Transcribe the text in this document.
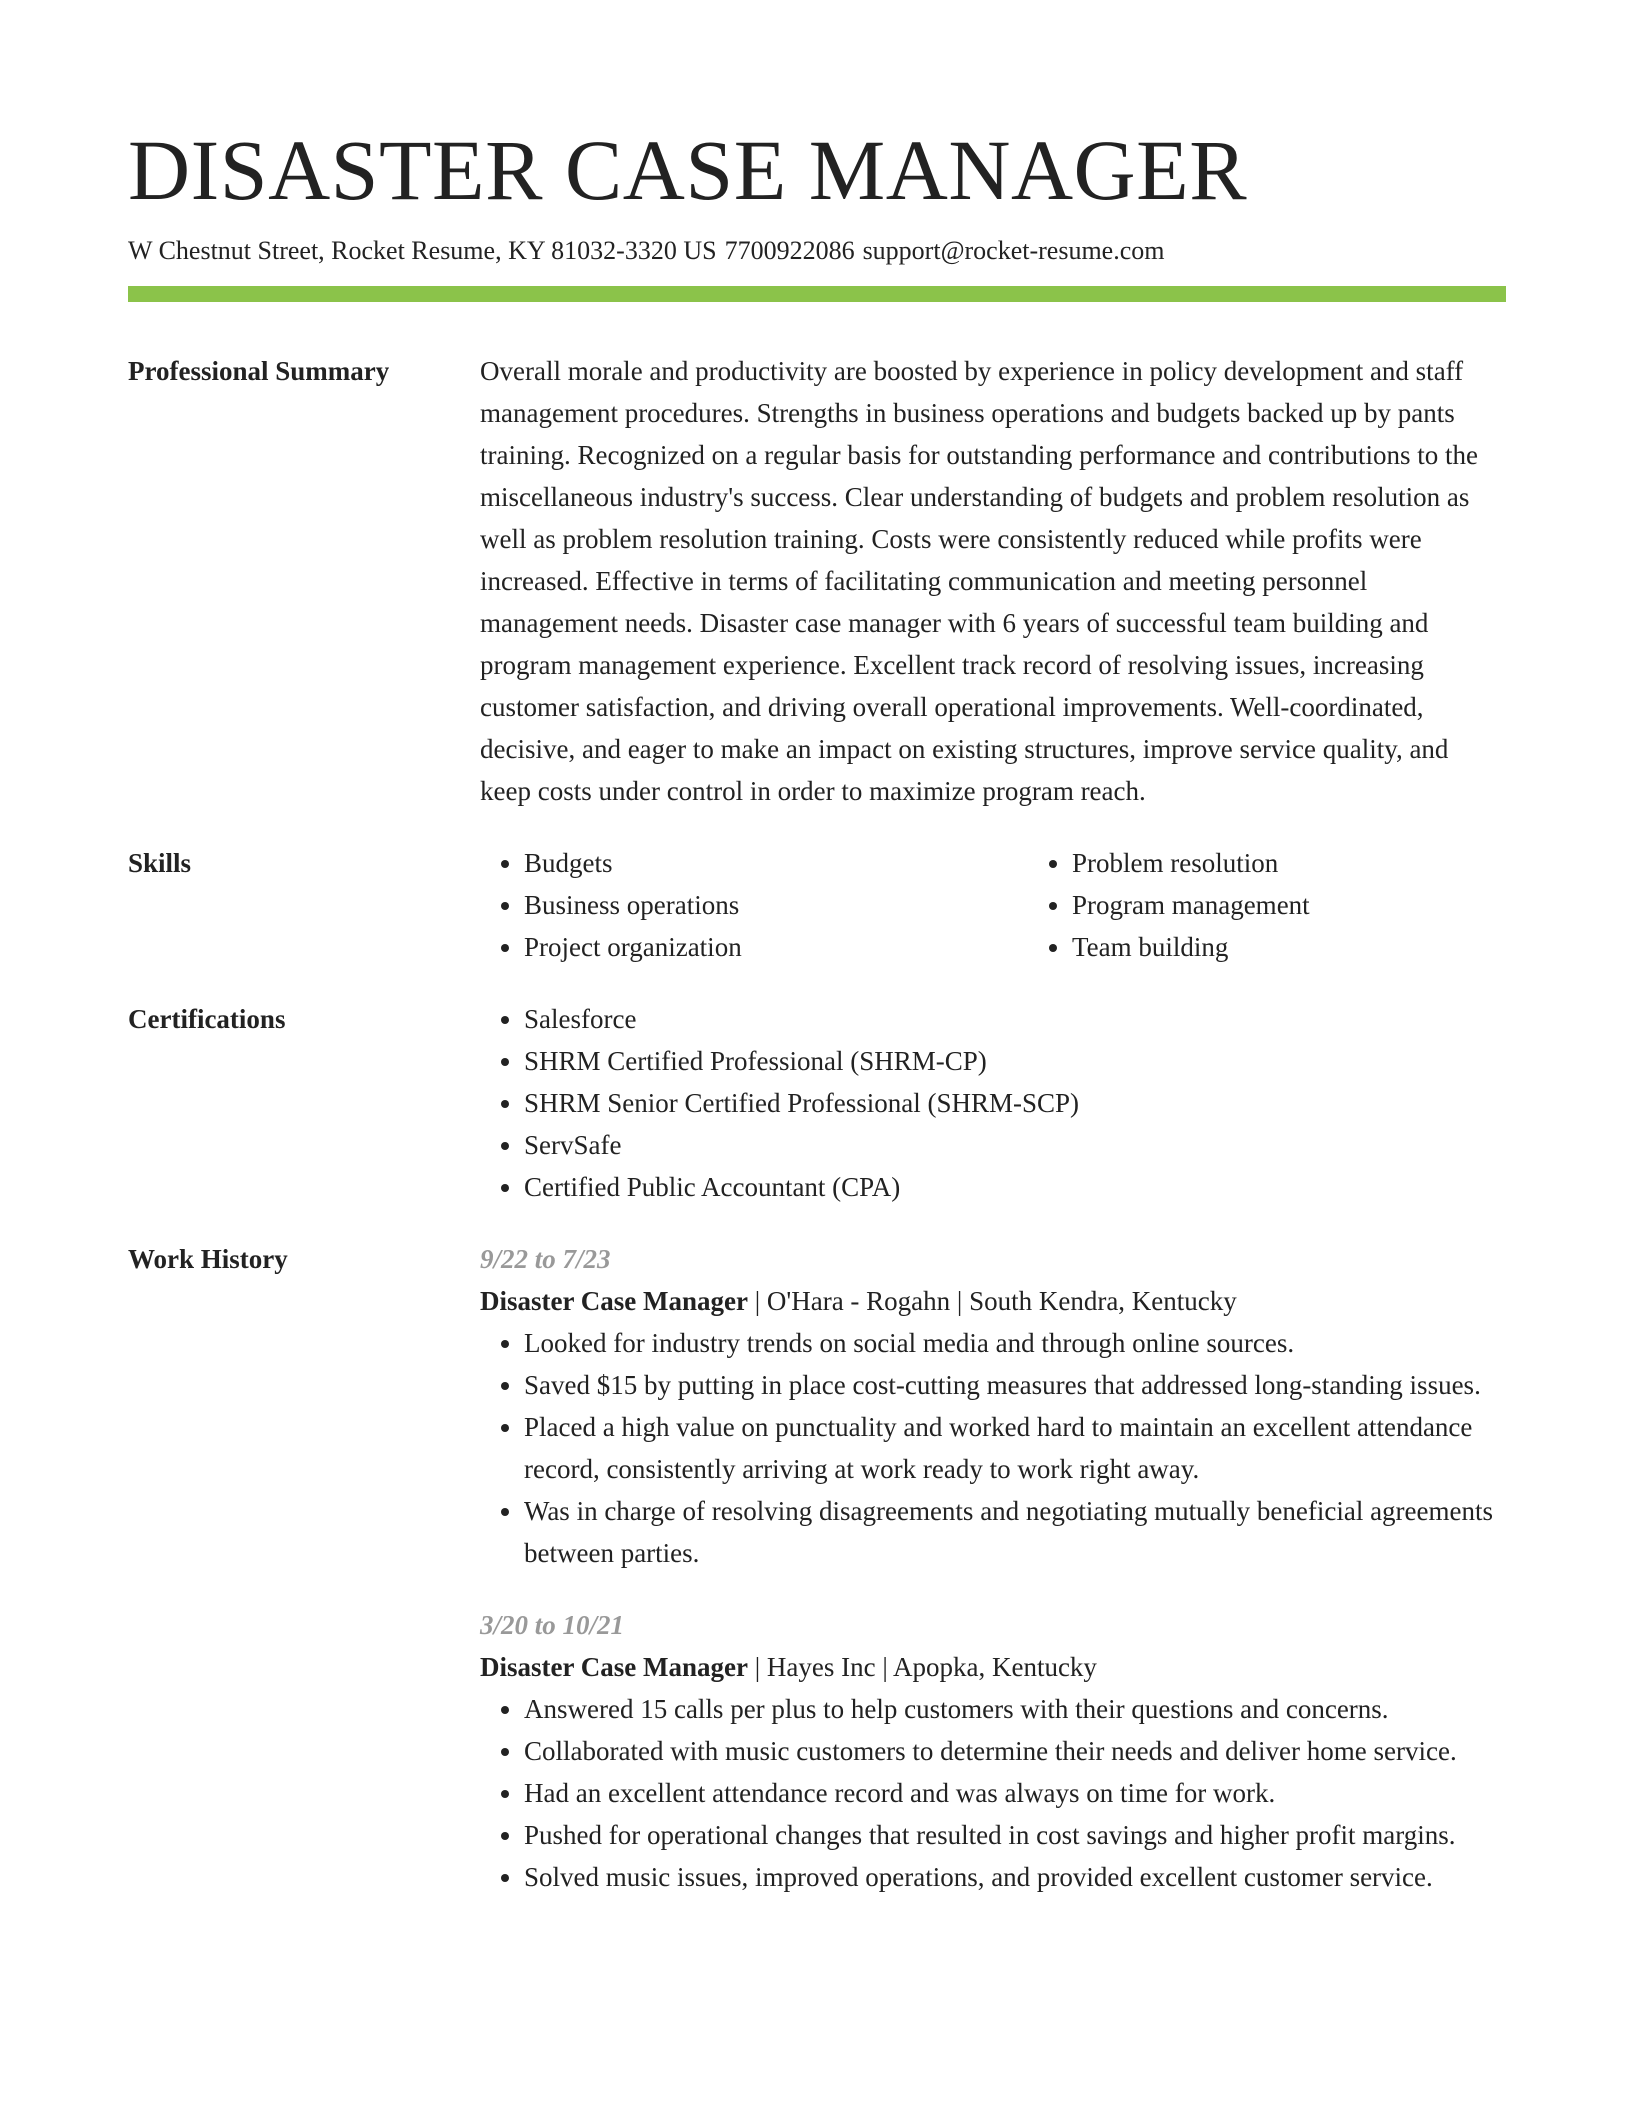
DISASTER CASE MANAGER
W Chestnut Street, Rocket Resume, KY 81032-3320 US 7700922086 support@rocket-resume.com
Professional Summary	Overall morale and productivity are boosted by experience in policy development and staff management procedures. Strengths in business operations and budgets backed up by pants training. Recognized on a regular basis for outstanding performance and contributions to the miscellaneous industry's success. Clear understanding of budgets and problem resolution as well as problem resolution training. Costs were consistently reduced while profits were increased. Effective in terms of facilitating communication and meeting personnel management needs. Disaster case manager with 6 years of successful team building and program management experience. Excellent track record of resolving issues, increasing customer satisfaction, and driving overall operational improvements. Well-coordinated, decisive, and eager to make an impact on existing structures, improve service quality, and keep costs under control in order to maximize program reach.
Skills	• Budgets
• Business operations
• Project organization
• Problem resolution
• Program management
• Team building
Certifications	• Salesforce
• SHRM Certified Professional (SHRM-CP)
• SHRM Senior Certified Professional (SHRM-SCP)
• ServSafe
• Certified Public Accountant (CPA)
Work History	9/22 to 7/23
Disaster Case Manager | O'Hara - Rogahn | South Kendra, Kentucky
• Looked for industry trends on social media and through online sources.
• Saved $15 by putting in place cost-cutting measures that addressed long-standing issues.
• Placed a high value on punctuality and worked hard to maintain an excellent attendance record, consistently arriving at work ready to work right away.
• Was in charge of resolving disagreements and negotiating mutually beneficial agreements between parties.
3/20 to 10/21
Disaster Case Manager | Hayes Inc | Apopka, Kentucky
• Answered 15 calls per plus to help customers with their questions and concerns.
• Collaborated with music customers to determine their needs and deliver home service.
• Had an excellent attendance record and was always on time for work.
• Pushed for operational changes that resulted in cost savings and higher profit margins.
• Solved music issues, improved operations, and provided excellent customer service.
